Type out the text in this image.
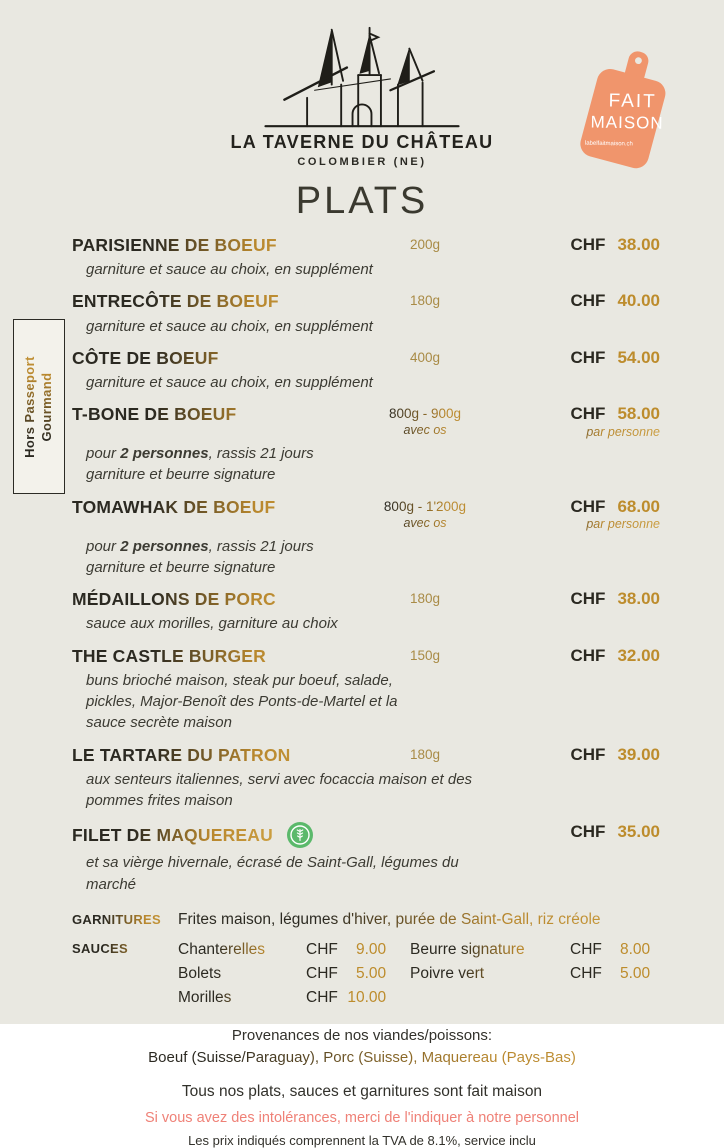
FAIT
MAISON
labelfaitmaison.ch
LA TAVERNE DU CHÂTEAU
COLOMBIER (NE)
PLATS
Hors Passeport Gourmand
PARISIENNE DE BOEUF	200g	CHF 38.00
garniture et sauce au choix, en supplément
ENTRECÔTE DE BOEUF	180g	CHF 40.00
garniture et sauce au choix, en supplément
CÔTE DE BOEUF	400g	CHF 54.00
garniture et sauce au choix, en supplément
T-BONE DE BOEUF	800g - 900g
avec os
CHF 58.00
par personne
pour 2 personnes, rassis 21 jours
garniture et beurre signature
TOMAWHAK DE BOEUF	800g - 1'200g
avec os
CHF 68.00
par personne
pour 2 personnes, rassis 21 jours
garniture et beurre signature
MÉDAILLONS DE PORC	180g	CHF 38.00
sauce aux morilles, garniture au choix
THE CASTLE BURGER	150g	CHF 32.00
buns brioché maison, steak pur boeuf, salade, pickles, Major-Benoît des Ponts-de-Martel et la sauce secrète maison
LE TARTARE DU PATRON	180g	CHF 39.00
aux senteurs italiennes, servi avec focaccia maison et des pommes frites maison
FILET DE MAQUEREAU	CHF 35.00
et sa vièrge hivernale, écrasé de Saint-Gall, légumes du marché
GARNITURES	Frites maison, légumes d'hiver, purée de Saint-Gall, riz créole
SAUCES	Chanterelles	CHF 9.00
Bolets	CHF 5.00
Morilles	CHF 10.00
Beurre signature	CHF 8.00
Poivre vert	CHF 5.00
Provenances de nos viandes/poissons:
Boeuf (Suisse/Paraguay), Porc (Suisse), Maquereau (Pays-Bas)
Tous nos plats, sauces et garnitures sont fait maison
Si vous avez des intolérances, merci de l'indiquer à notre personnel
Les prix indiqués comprennent la TVA de 8.1%, service inclu
